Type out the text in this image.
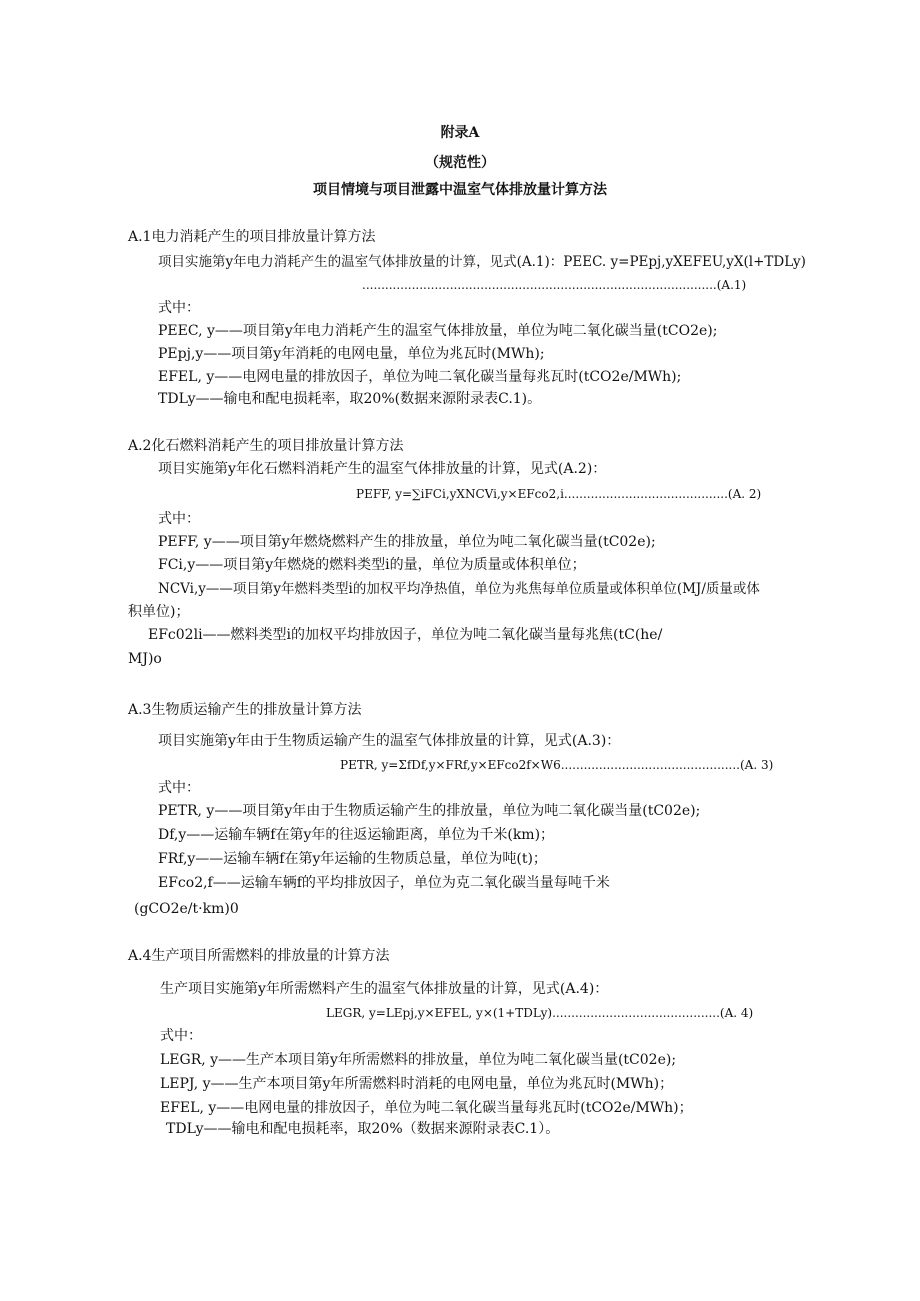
附录A
（规范性）
项目情境与项目泄露中温室气体排放量计算方法
A.1电力消耗产生的项目排放量计算方法
项目实施第y年电力消耗产生的温室气体排放量的计算，见式(A.1)：PEEC. y=PEpj,yXEFEU,yX(l+TDLy)
.............................................................................................(A.1)
式中：
PEEC, y——项目第y年电力消耗产生的温室气体排放量，单位为吨二氧化碳当量(tCO2e);
PEpj,y——项目第y年消耗的电网电量，单位为兆瓦时(MWh);
EFEL, y——电网电量的排放因子，单位为吨二氧化碳当量每兆瓦时(tCO2e/MWh);
TDLy——输电和配电损耗率，取20%(数据来源附录表C.1)。
A.2化石燃料消耗产生的项目排放量计算方法
项目实施第y年化石燃料消耗产生的温室气体排放量的计算，见式(A.2)：
PEFF, y=∑iFCi,yXNCVi,y×EFco2,i...........................................(A. 2)
式中：
PEFF, y——项目第y年燃烧燃料产生的排放量，单位为吨二氧化碳当量(tC02e);
FCi,y——项目第y年燃烧的燃料类型i的量，单位为质量或体积单位；
NCVi,y——项目第y年燃料类型i的加权平均净热值，单位为兆焦每单位质量或体积单位(MJ/质量或体
积单位)；
EFc02li——燃料类型i的加权平均排放因子，单位为吨二氧化碳当量每兆焦(tC(he/
MJ)o
A.3生物质运输产生的排放量计算方法
项目实施第y年由于生物质运输产生的温室气体排放量的计算，见式(A.3)：
PETR, y=ΣfDf,y×FRf,y×EFco2f×W6...............................................(A. 3)
式中：
PETR, y——项目第y年由于生物质运输产生的排放量，单位为吨二氧化碳当量(tC02e);
Df,y——运输车辆f在第y年的往返运输距离，单位为千米(km)；
FRf,y——运输车辆f在第y年运输的生物质总量，单位为吨(t)；
EFco2,f——运输车辆f的平均排放因子，单位为克二氧化碳当量每吨千米
(gCO2e/t·km)0
A.4生产项目所需燃料的排放量的计算方法
生产项目实施第y年所需燃料产生的温室气体排放量的计算，见式(A.4)：
LEGR, y=LEpj,y×EFEL, y×(1+TDLy)............................................(A. 4)
式中：
LEGR, y——生产本项目第y年所需燃料的排放量，单位为吨二氧化碳当量(tC02e);
LEPJ, y——生产本项目第y年所需燃料时消耗的电网电量，单位为兆瓦时(MWh)；
EFEL, y——电网电量的排放因子，单位为吨二氧化碳当量每兆瓦时(tCO2e/MWh)；
TDLy——输电和配电损耗率，取20%（数据来源附录表C.1）。
